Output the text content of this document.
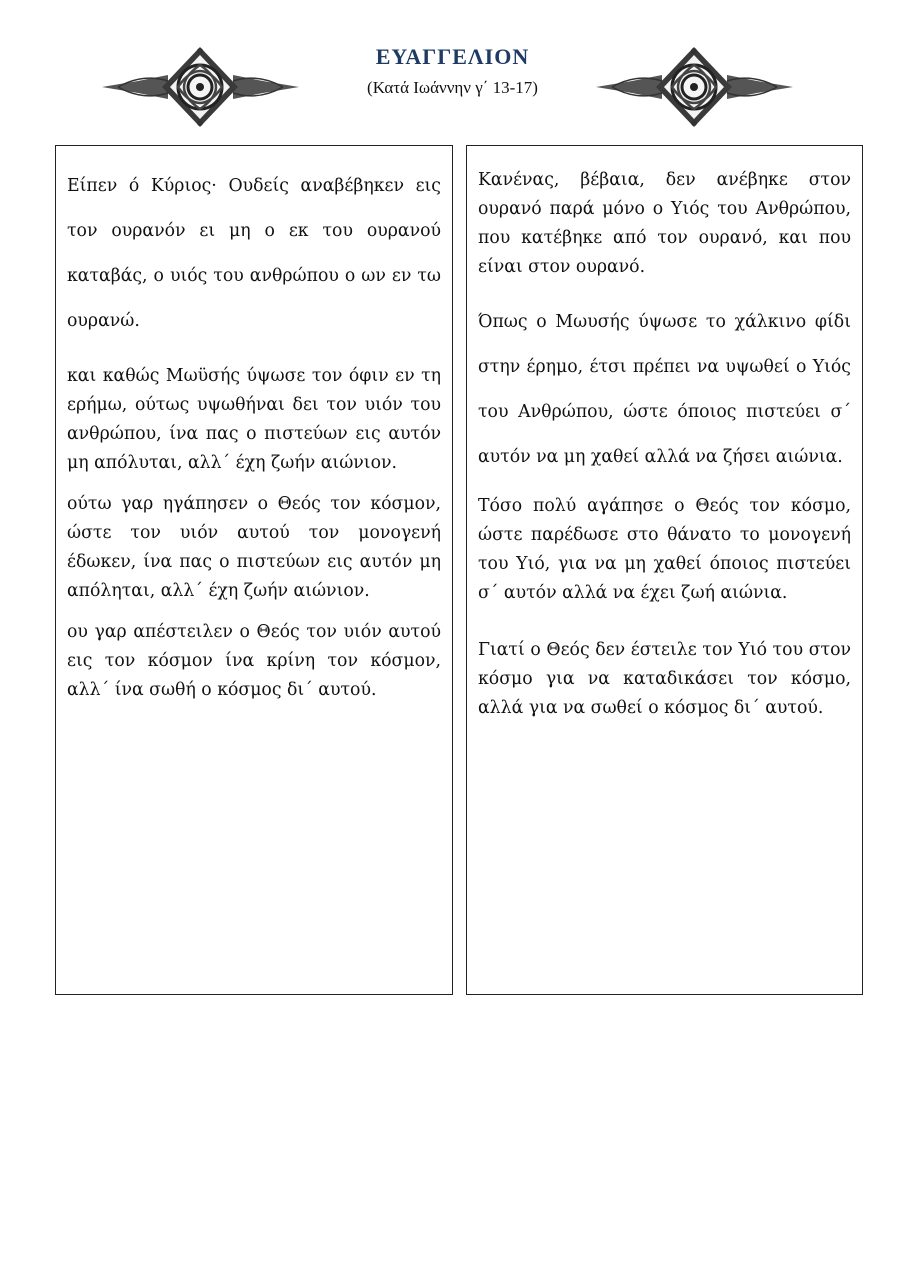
ΕΥΑΓΓΕΛΙΟΝ
(Κατά Ιωάννην γ΄ 13-17)

Είπεν ό Κύριος· Ουδείς αναβέβηκεν εις τον ουρανόν ει μη ο εκ του ουρανού καταβάς, ο υιός του ανθρώπου ο ων εν τω ουρανώ.

και καθώς Μωϋσής ύψωσε τον όφιν εν τη ερήμω, ούτως υψωθήναι δει τον υιόν του ανθρώπου, ίνα πας ο πιστεύων εις αυτόν μη απόλυται, αλλ΄ έχη ζωήν αιώνιον.

ούτω γαρ ηγάπησεν ο Θεός τον κόσμον, ώστε τον υιόν αυτού τον μονογενή έδωκεν, ίνα πας ο πιστεύων εις αυτόν μη απόληται, αλλ΄ έχη ζωήν αιώνιον.

ου γαρ απέστειλεν ο Θεός τον υιόν αυτού εις τον κόσμον ίνα κρίνη τον κόσμον, αλλ΄ ίνα σωθή ο κόσμος δι΄ αυτού.

Κανένας, βέβαια, δεν ανέβηκε στον ουρανό παρά μόνο ο Υιός του Ανθρώπου, που κατέβηκε από τον ουρανό, και που είναι στον ουρανό.

Όπως ο Μωυσής ύψωσε το χάλκινο φίδι στην έρημο, έτσι πρέπει να υψωθεί ο Υιός του Ανθρώπου, ώστε όποιος πιστεύει σ΄ αυτόν να μη χαθεί αλλά να ζήσει αιώνια.

Τόσο πολύ αγάπησε ο Θεός τον κόσμο, ώστε παρέδωσε στο θάνατο το μονογενή του Υιό, για να μη χαθεί όποιος πιστεύει σ΄ αυτόν αλλά να έχει ζωή αιώνια.

Γιατί ο Θεός δεν έστειλε τον Υιό του στον κόσμο για να καταδικάσει τον κόσμο, αλλά για να σωθεί ο κόσμος δι΄ αυτού.
